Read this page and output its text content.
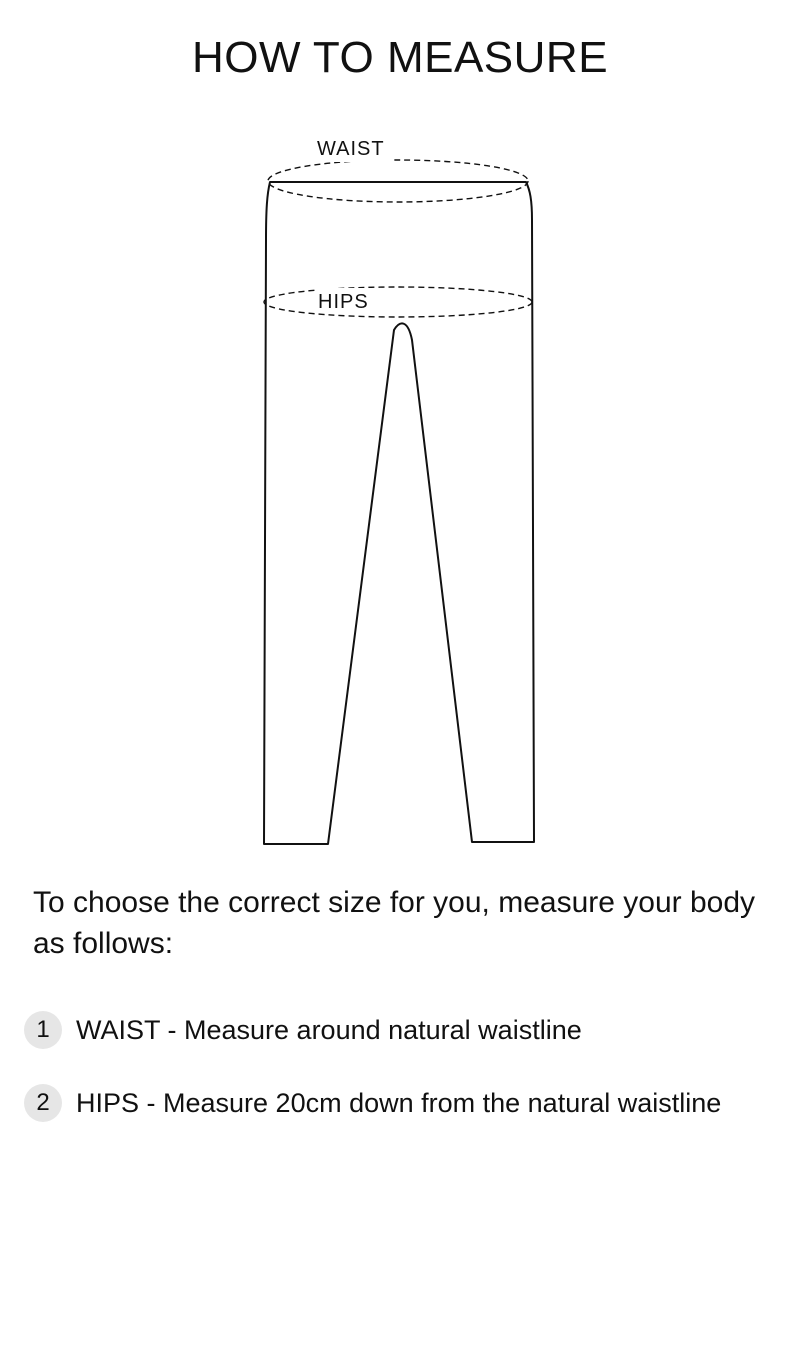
HOW TO MEASURE
WAIST
HIPS

To choose the correct size for you, measure your body as follows:

1 WAIST - Measure around natural waistline
2 HIPS - Measure 20cm down from the natural waistline
